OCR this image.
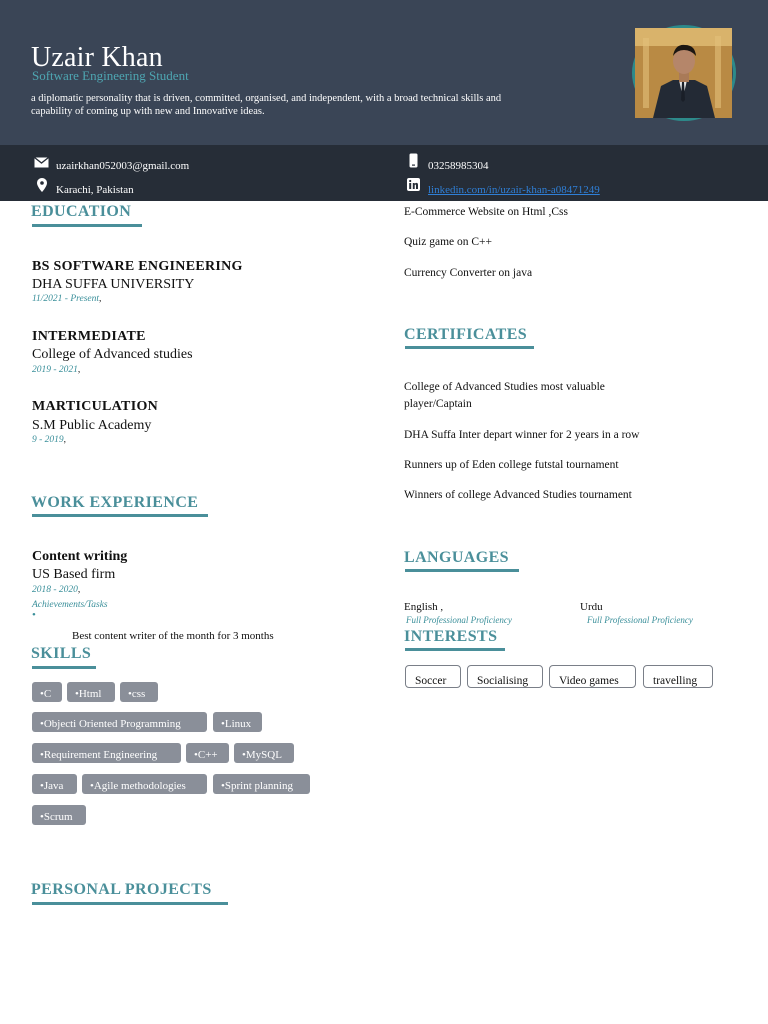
Uzair Khan
Software Engineering Student
a diplomatic personality that is driven, committed, organised, and independent, with a broad technical skills and capability of coming up with new and Innovative ideas.
uzairkhan052003@gmail.com	03258985304
Karachi, Pakistan	linkedin.com/in/uzair-khan-a08471249
EDUCATION
BS SOFTWARE ENGINEERING
DHA SUFFA UNIVERSITY
11/2021 - Present,
INTERMEDIATE
College of Advanced studies
2019 - 2021,
MARTICULATION
S.M Public Academy
9 - 2019,
WORK EXPERIENCE
Content writing
US Based firm
2018 - 2020,
Achievements/Tasks
•
Best content writer of the month for 3 months
SKILLS
•C	•Html	•css
•Objecti Oriented Programming	•Linux
•Requirement Engineering	•C++	•MySQL
•Java	•Agile methodologies	•Sprint planning
•Scrum
PERSONAL PROJECTS
E-Commerce Website on Html ,Css
Quiz game on C++
Currency Converter on java
CERTIFICATES
College of Advanced Studies most valuable player/Captain
DHA Suffa Inter depart winner for 2 years in a row
Runners up of Eden college futstal tournament
Winners of college Advanced Studies tournament
LANGUAGES
English ,
Full Professional Proficiency
Urdu
Full Professional Proficiency
INTERESTS
Soccer	Socialising	Video games	travelling
